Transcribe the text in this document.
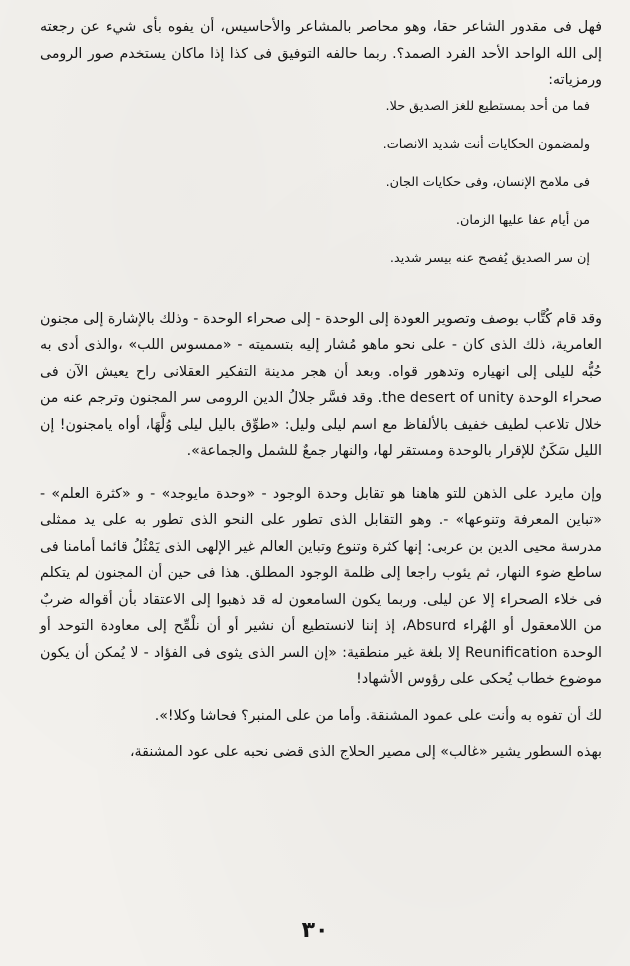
فهل فى مقدور الشاعر حقا، وهو محاصر بالمشاعر والأحاسيس، أن يفوه بأى شيء عن رجعته إلى الله الواحد الأحد الفرد الصمد؟. ربما حالفه التوفيق فى كذا إذا ماكان يستخدم صور الرومى ورمزياته:

فما من أحد بمستطيع للغز الصديق حلا.

ولمضمون الحكايات أنت شديد الانصات.

فى ملامح الإنسان، وفى حكايات الجان.

من أيام عفا عليها الزمان.

إن سر الصديق يُفصح عنه بيسر شديد.

وقد قام كُتَّاب بوصف وتصوير العودة إلى الوحدة - إلى صحراء الوحدة - وذلك بالإشارة إلى مجنون العامرية، ذلك الذى كان - على نحو ماهو مُشار إليه بتسميته - «ممسوس اللب» ،والذى أدى به حُبُّه لليلى إلى انهياره وتدهور قواه. وبعد أن هجر مدينة التفكير العقلانى راح يعيش الآن فى صحراء الوحدة the desert of unity. وقد فسَّر جلالُ الدين الرومى سر المجنون وترجم عنه من خلال تلاعب لطيف خفيف بالألفاظ مع اسم ليلى وليل: «طوِّق باليل ليلى وُلَّهَا، أواه يامجنون! إن الليل سَكَنٌ للإقرار بالوحدة ومستقر لها، والنهار جمعٌ للشمل والجماعة».

وإن مايرد على الذهن للتو هاهنا هو تقابل وحدة الوجود - «وحدة مايوجد» - و «كثرة العلم» - «تباين المعرفة وتنوعها» -. وهو التقابل الذى تطور على النحو الذى تطور به على يد ممثلى مدرسة محيى الدين بن عربى: إنها كثرة وتنوع وتباين العالم غير الإلهى الذى يَمْثُلُ قائما أمامنا فى ساطع ضوء النهار، ثم يئوب راجعا إلى ظلمة الوجود المطلق. هذا فى حين أن المجنون لم يتكلم فى خلاء الصحراء إلا عن ليلى. وربما يكون السامعون له قد ذهبوا إلى الاعتقاد بأن أقواله ضربٌ من اللامعقول أو الهُراء Absurd، إذ إننا لانستطيع أن نشير أو أن نلْمِّح إلى معاودة التوحد أو الوحدة Reunification إلا بلغة غير منطقية: «إن السر الذى يثوى فى الفؤاد - لا يُمكن أن يكون موضوع خطاب يُحكى على رؤوس الأشهاد!

لك أن تفوه به وأنت على عمود المشنقة. وأما من على المنبر؟ فحاشا وكلا!».

بهذه السطور يشير «غالب» إلى مصير الحلاج الذى قضى نحبه على عود المشنقة،

٣٠
